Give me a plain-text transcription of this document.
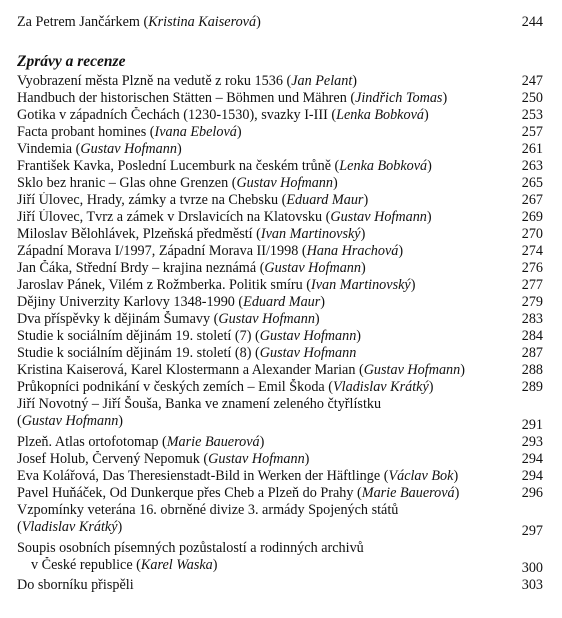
Za Petrem Jančárkem (Kristina Kaiserová)	244
Zprávy a recenze
Vyobrazení města Plzně na vedutě z roku 1536 (Jan Pelant)	247
Handbuch der historischen Stätten – Böhmen und Mähren (Jindřich Tomas)	250
Gotika v západních Čechách (1230-1530), svazky I-III (Lenka Bobková)	253
Facta probant homines (Ivana Ebelová)	257
Vindemia (Gustav Hofmann)	261
František Kavka, Poslední Lucemburk na českém trůně (Lenka Bobková)	263
Sklo bez hranic – Glas ohne Grenzen (Gustav Hofmann)	265
Jiří Úlovec, Hrady, zámky a tvrze na Chebsku (Eduard Maur)	267
Jiří Úlovec, Tvrz a zámek v Drslavicích na Klatovsku (Gustav Hofmann)	269
Miloslav Bělohlávek, Plzeňská předměstí (Ivan Martinovský)	270
Západní Morava I/1997, Západní Morava II/1998 (Hana Hrachová)	274
Jan Čáka, Střední Brdy – krajina neznámá (Gustav Hofmann)	276
Jaroslav Pánek, Vilém z Rožmberka. Politik smíru (Ivan Martinovský)	277
Dějiny Univerzity Karlovy 1348-1990 (Eduard Maur)	279
Dva příspěvky k dějinám Šumavy (Gustav Hofmann)	283
Studie k sociálním dějinám 19. století (7) (Gustav Hofmann)	284
Studie k sociálním dějinám 19. století (8) (Gustav Hofmann	287
Kristina Kaiserová, Karel Klostermann a Alexander Marian (Gustav Hofmann)	288
Průkopníci podnikání v českých zemích – Emil Škoda (Vladislav Krátký)	289
Jiří Novotný – Jiří Šouša, Banka ve znamení zeleného čtyřlístku
(Gustav Hofmann)	291
Plzeň. Atlas ortofotomap (Marie Bauerová)	293
Josef Holub, Červený Nepomuk (Gustav Hofmann)	294
Eva Kolářová, Das Theresienstadt-Bild in Werken der Häftlinge (Václav Bok)	294
Pavel Huňáček, Od Dunkerque přes Cheb a Plzeň do Prahy (Marie Bauerová)	296
Vzpomínky veterána 16. obrněné divize 3. armády Spojených států
(Vladislav Krátký)	297
Soupis osobních písemných pozůstalostí a rodinných archivů
v České republice (Karel Waska)	300
Do sborníku přispěli	303
